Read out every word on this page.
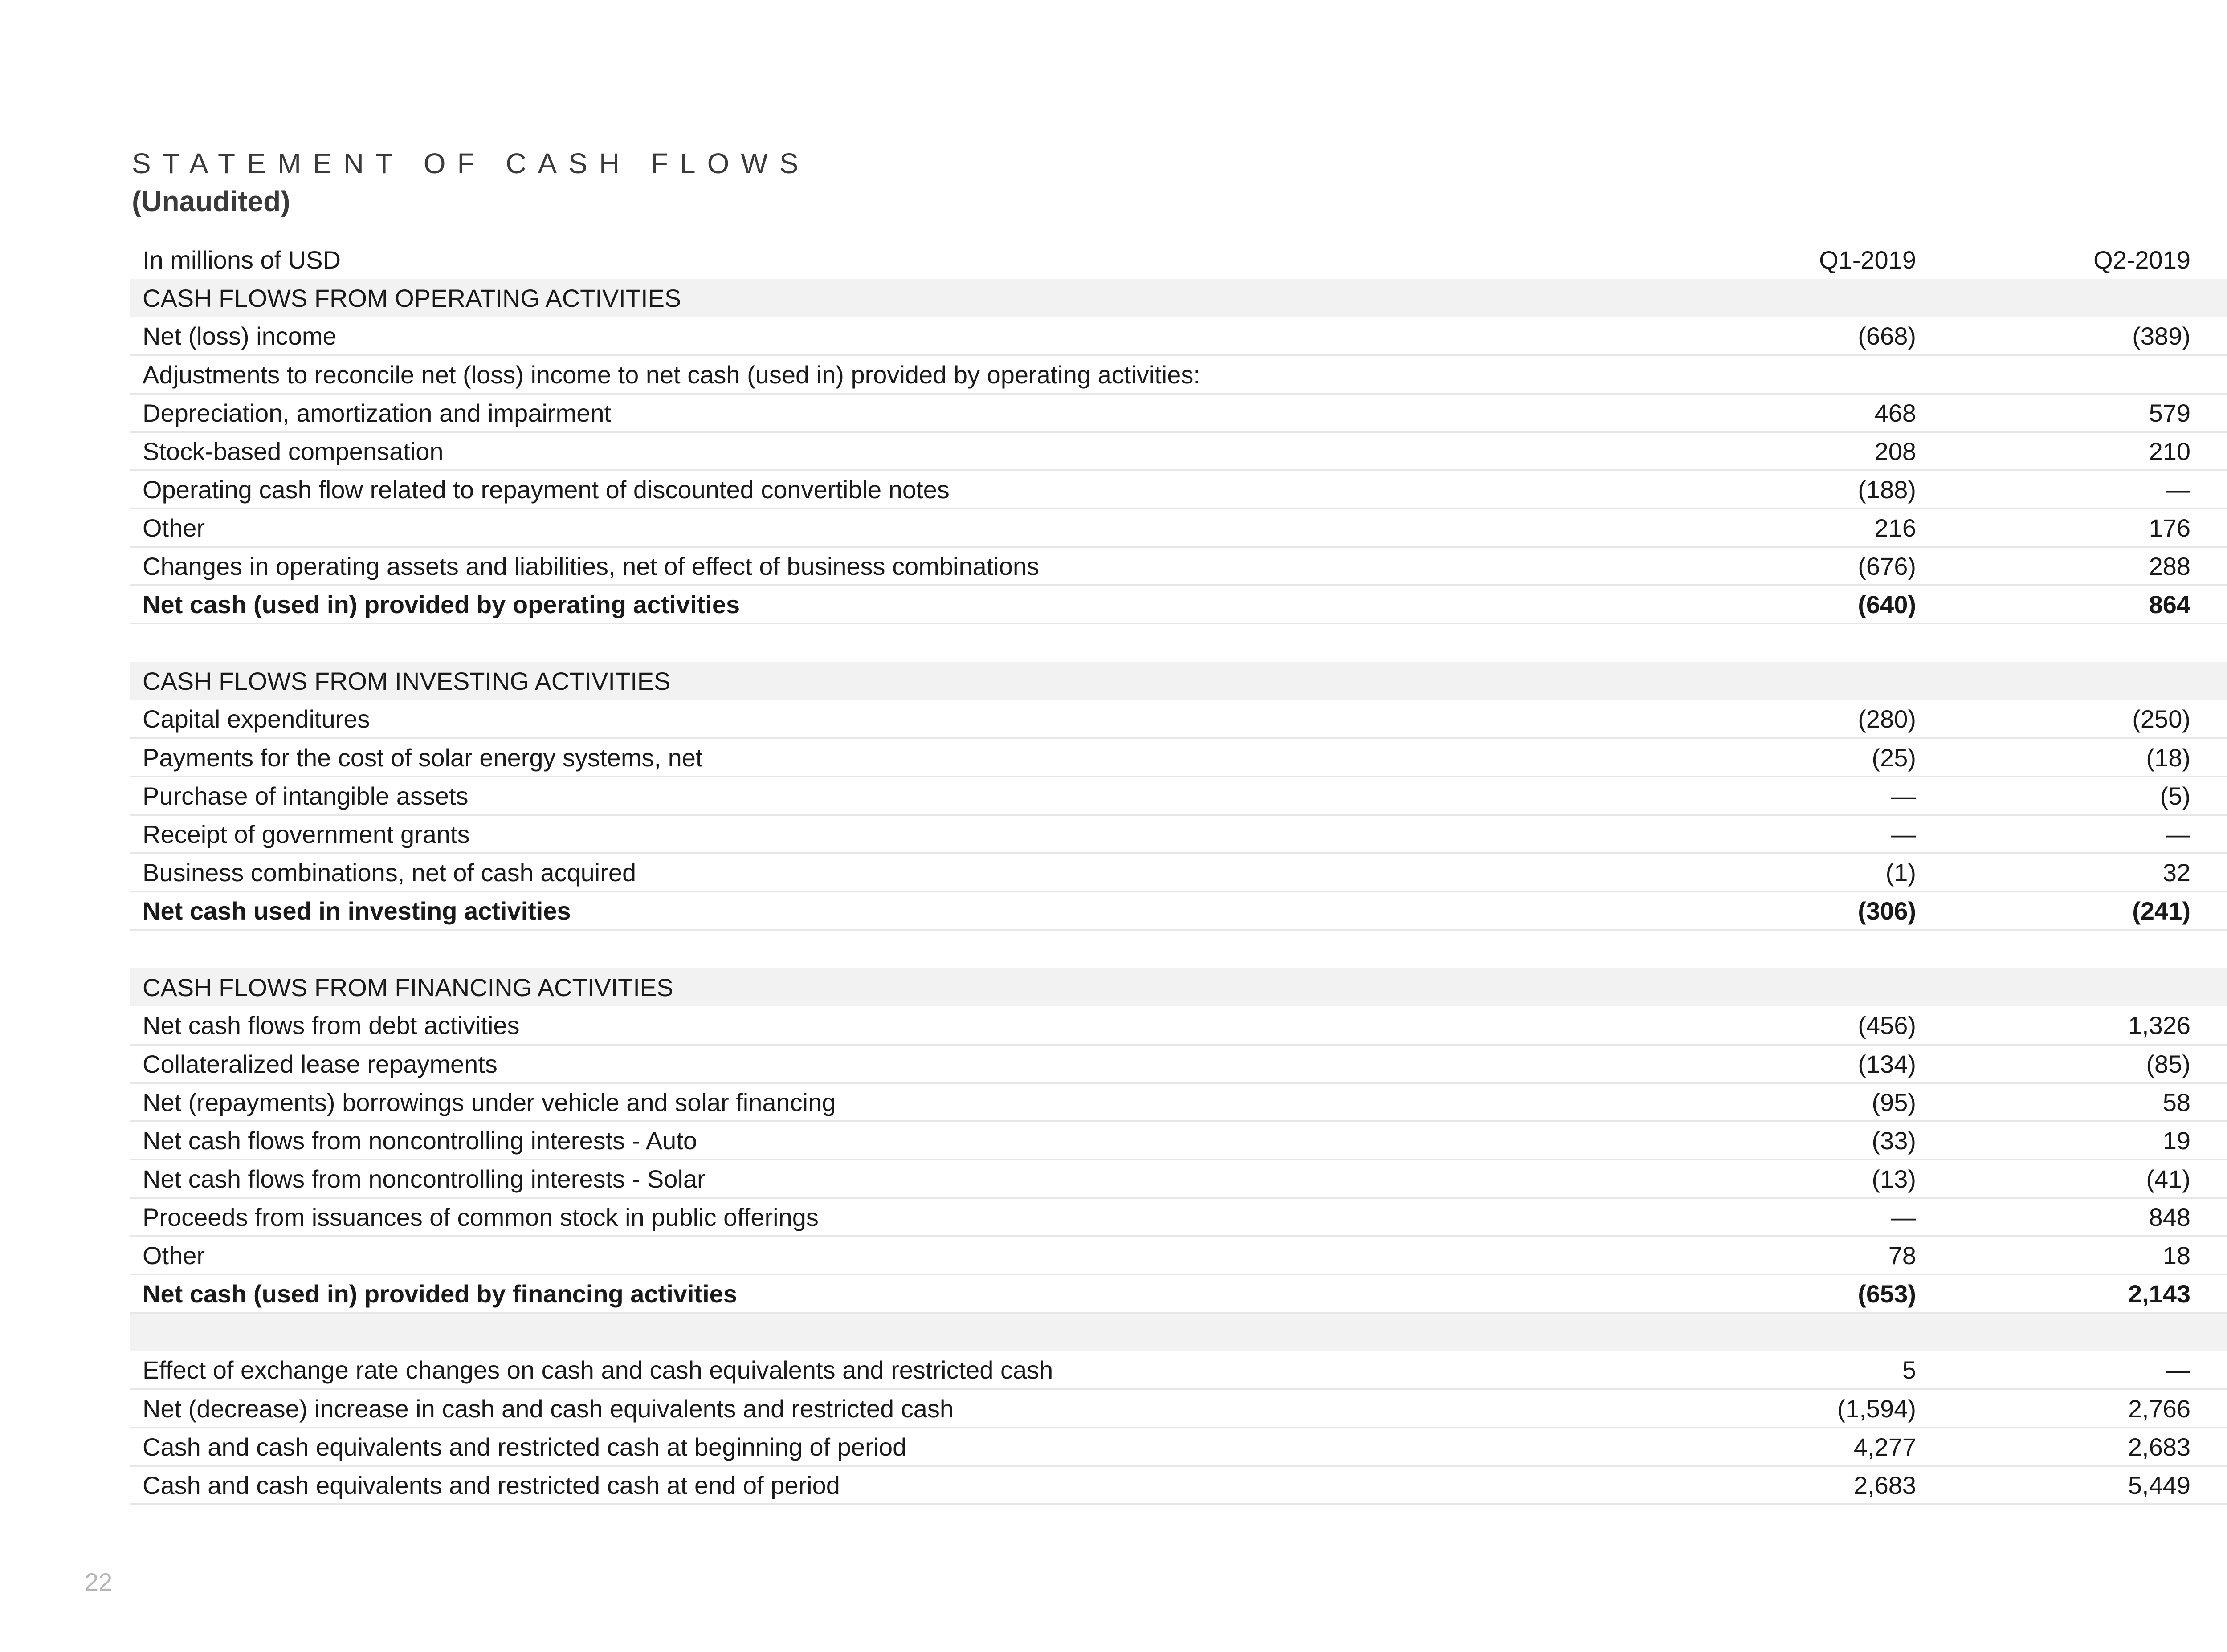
STATEMENT OF CASH FLOWS
(Unaudited)
In millions of USD	Q1-2019	Q2-2019			
CASH FLOWS FROM OPERATING ACTIVITIES					
Net (loss) income	(668)	(389)			
Adjustments to reconcile net (loss) income to net cash (used in) provided by operating activities:					
Depreciation, amortization and impairment	468	579			
Stock-based compensation	208	210			
Operating cash flow related to repayment of discounted convertible notes	(188)	—			
Other	216	176			
Changes in operating assets and liabilities, net of effect of business combinations	(676)	288			
Net cash (used in) provided by operating activities	(640)	864			

CASH FLOWS FROM INVESTING ACTIVITIES					
Capital expenditures	(280)	(250)			
Payments for the cost of solar energy systems, net	(25)	(18)			
Purchase of intangible assets	—	(5)			
Receipt of government grants	—	—			
Business combinations, net of cash acquired	(1)	32			
Net cash used in investing activities	(306)	(241)			

CASH FLOWS FROM FINANCING ACTIVITIES					
Net cash flows from debt activities	(456)	1,326			
Collateralized lease repayments	(134)	(85)			
Net (repayments) borrowings under vehicle and solar financing	(95)	58			
Net cash flows from noncontrolling interests - Auto	(33)	19			
Net cash flows from noncontrolling interests - Solar	(13)	(41)			
Proceeds from issuances of common stock in public offerings	—	848			
Other	78	18			
Net cash (used in) provided by financing activities	(653)	2,143			

Effect of exchange rate changes on cash and cash equivalents and restricted cash	5	—			
Net (decrease) increase in cash and cash equivalents and restricted cash	(1,594)	2,766			
Cash and cash equivalents and restricted cash at beginning of period	4,277	2,683			
Cash and cash equivalents and restricted cash at end of period	2,683	5,449			
22
